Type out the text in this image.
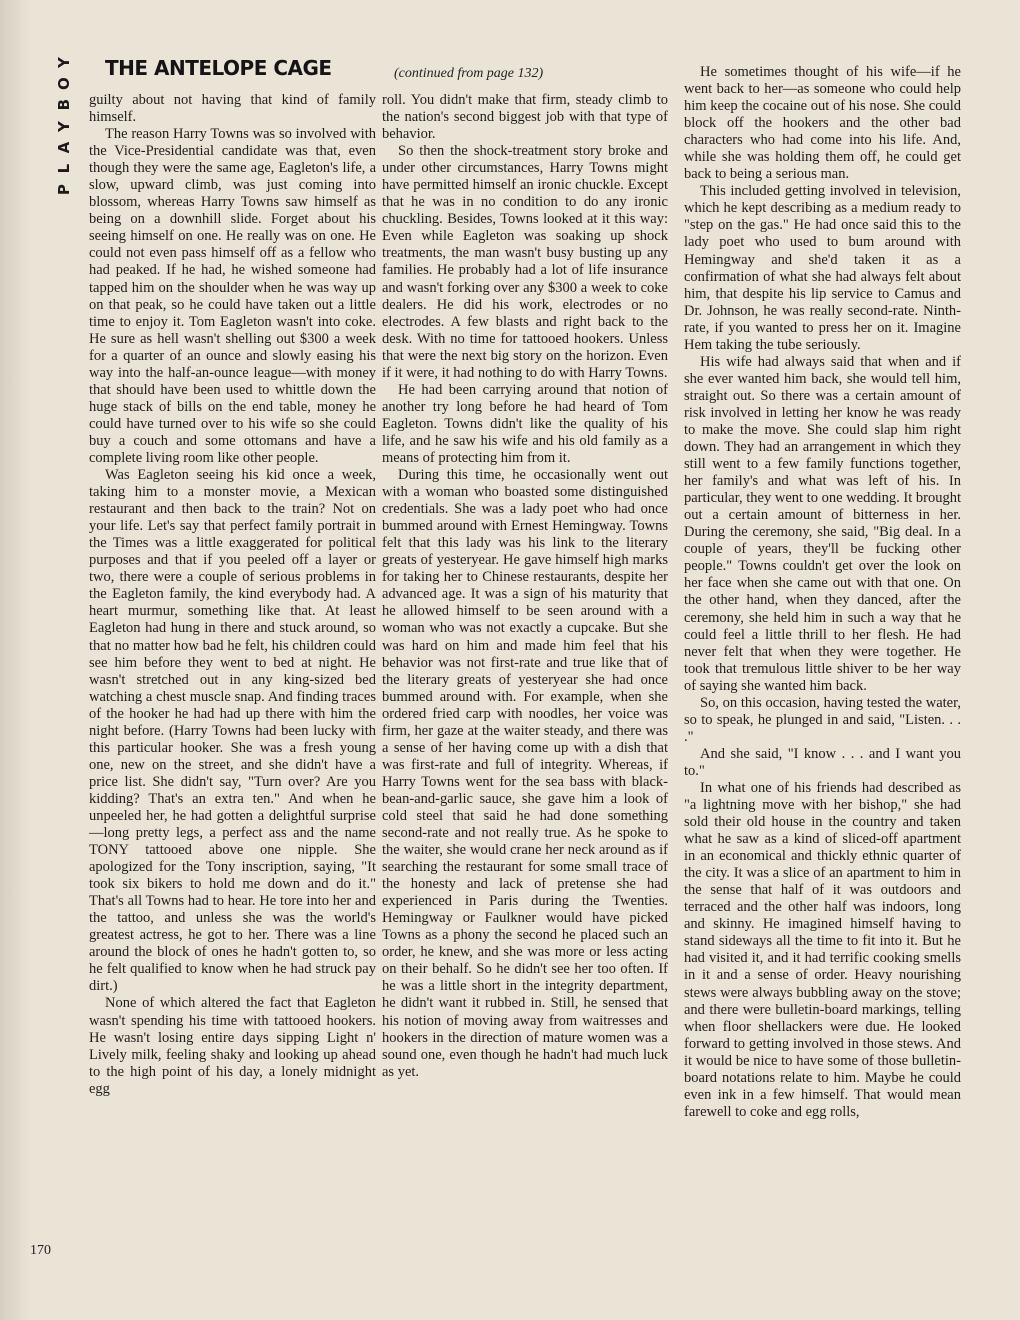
Y
O
B
Y
A
L
P
THE ANTELOPE CAGE	(continued from page 132)

guilty about not having that kind of family himself.

The reason Harry Towns was so involved with the Vice-Presidential candidate was that, even though they were the same age, Eagleton's life, a slow, upward climb, was just coming into blossom, whereas Harry Towns saw himself as being on a downhill slide. Forget about his seeing himself on one. He really was on one. He could not even pass himself off as a fellow who had peaked. If he had, he wished someone had tapped him on the shoulder when he was way up on that peak, so he could have taken out a little time to enjoy it. Tom Eagleton wasn't into coke. He sure as hell wasn't shelling out $300 a week for a quarter of an ounce and slowly easing his way into the half-an-ounce league—with money that should have been used to whittle down the huge stack of bills on the end table, money he could have turned over to his wife so she could buy a couch and some ottomans and have a complete living room like other people.

Was Eagleton seeing his kid once a week, taking him to a monster movie, a Mexican restaurant and then back to the train? Not on your life. Let's say that perfect family portrait in the Times was a little exaggerated for political purposes and that if you peeled off a layer or two, there were a couple of serious problems in the Eagleton family, the kind everybody had. A heart murmur, something like that. At least Eagleton had hung in there and stuck around, so that no matter how bad he felt, his children could see him before they went to bed at night. He wasn't stretched out in any king-sized bed watching a chest muscle snap. And finding traces of the hooker he had had up there with him the night before. (Harry Towns had been lucky with this particular hooker. She was a fresh young one, new on the street, and she didn't have a price list. She didn't say, "Turn over? Are you kidding? That's an extra ten." And when he unpeeled her, he had gotten a delightful surprise—long pretty legs, a perfect ass and the name TONY tattooed above one nipple. She apologized for the Tony inscription, saying, "It took six bikers to hold me down and do it." That's all Towns had to hear. He tore into her and the tattoo, and unless she was the world's greatest actress, he got to her. There was a line around the block of ones he hadn't gotten to, so he felt qualified to know when he had struck pay dirt.)

None of which altered the fact that Eagleton wasn't spending his time with tattooed hookers. He wasn't losing entire days sipping Light n' Lively milk, feeling shaky and looking up ahead to the high point of his day, a lonely midnight egg

roll. You didn't make that firm, steady climb to the nation's second biggest job with that type of behavior.

So then the shock-treatment story broke and under other circumstances, Harry Towns might have permitted himself an ironic chuckle. Except that he was in no condition to do any ironic chuckling. Besides, Towns looked at it this way: Even while Eagleton was soaking up shock treatments, the man wasn't busy busting up any families. He probably had a lot of life insurance and wasn't forking over any $300 a week to coke dealers. He did his work, electrodes or no electrodes. A few blasts and right back to the desk. With no time for tattooed hookers. Unless that were the next big story on the horizon. Even if it were, it had nothing to do with Harry Towns.

He had been carrying around that notion of another try long before he had heard of Tom Eagleton. Towns didn't like the quality of his life, and he saw his wife and his old family as a means of protecting him from it.

During this time, he occasionally went out with a woman who boasted some distinguished credentials. She was a lady poet who had once bummed around with Ernest Hemingway. Towns felt that this lady was his link to the literary greats of yesteryear. He gave himself high marks for taking her to Chinese restaurants, despite her advanced age. It was a sign of his maturity that he allowed himself to be seen around with a woman who was not exactly a cupcake. But she was hard on him and made him feel that his behavior was not first-rate and true like that of the literary greats of yesteryear she had once bummed around with. For example, when she ordered fried carp with noodles, her voice was firm, her gaze at the waiter steady, and there was a sense of her having come up with a dish that was first-rate and full of integrity. Whereas, if Harry Towns went for the sea bass with black-bean-and-garlic sauce, she gave him a look of cold steel that said he had done something second-rate and not really true. As he spoke to the waiter, she would crane her neck around as if searching the restaurant for some small trace of the honesty and lack of pretense she had experienced in Paris during the Twenties. Hemingway or Faulkner would have picked Towns as a phony the second he placed such an order, he knew, and she was more or less acting on their behalf. So he didn't see her too often. If he was a little short in the integrity department, he didn't want it rubbed in. Still, he sensed that his notion of moving away from waitresses and hookers in the direction of mature women was a sound one, even though he hadn't had much luck as yet.

He sometimes thought of his wife—if he went back to her—as someone who could help him keep the cocaine out of his nose. She could block off the hookers and the other bad characters who had come into his life. And, while she was holding them off, he could get back to being a serious man.

This included getting involved in television, which he kept describing as a medium ready to "step on the gas." He had once said this to the lady poet who used to bum around with Hemingway and she'd taken it as a confirmation of what she had always felt about him, that despite his lip service to Camus and Dr. Johnson, he was really second-rate. Ninth-rate, if you wanted to press her on it. Imagine Hem taking the tube seriously.

His wife had always said that when and if she ever wanted him back, she would tell him, straight out. So there was a certain amount of risk involved in letting her know he was ready to make the move. She could slap him right down. They had an arrangement in which they still went to a few family functions together, her family's and what was left of his. In particular, they went to one wedding. It brought out a certain amount of bitterness in her. During the ceremony, she said, "Big deal. In a couple of years, they'll be fucking other people." Towns couldn't get over the look on her face when she came out with that one. On the other hand, when they danced, after the ceremony, she held him in such a way that he could feel a little thrill to her flesh. He had never felt that when they were together. He took that tremulous little shiver to be her way of saying she wanted him back.

So, on this occasion, having tested the water, so to speak, he plunged in and said, "Listen. . . ."

And she said, "I know . . . and I want you to."

In what one of his friends had described as "a lightning move with her bishop," she had sold their old house in the country and taken what he saw as a kind of sliced-off apartment in an economical and thickly ethnic quarter of the city. It was a slice of an apartment to him in the sense that half of it was outdoors and terraced and the other half was indoors, long and skinny. He imagined himself having to stand sideways all the time to fit into it. But he had visited it, and it had terrific cooking smells in it and a sense of order. Heavy nourishing stews were always bubbling away on the stove; and there were bulletin-board markings, telling when floor shellackers were due. He looked forward to getting involved in those stews. And it would be nice to have some of those bulletin-board notations relate to him. Maybe he could even ink in a few himself. That would mean farewell to coke and egg rolls,

170
